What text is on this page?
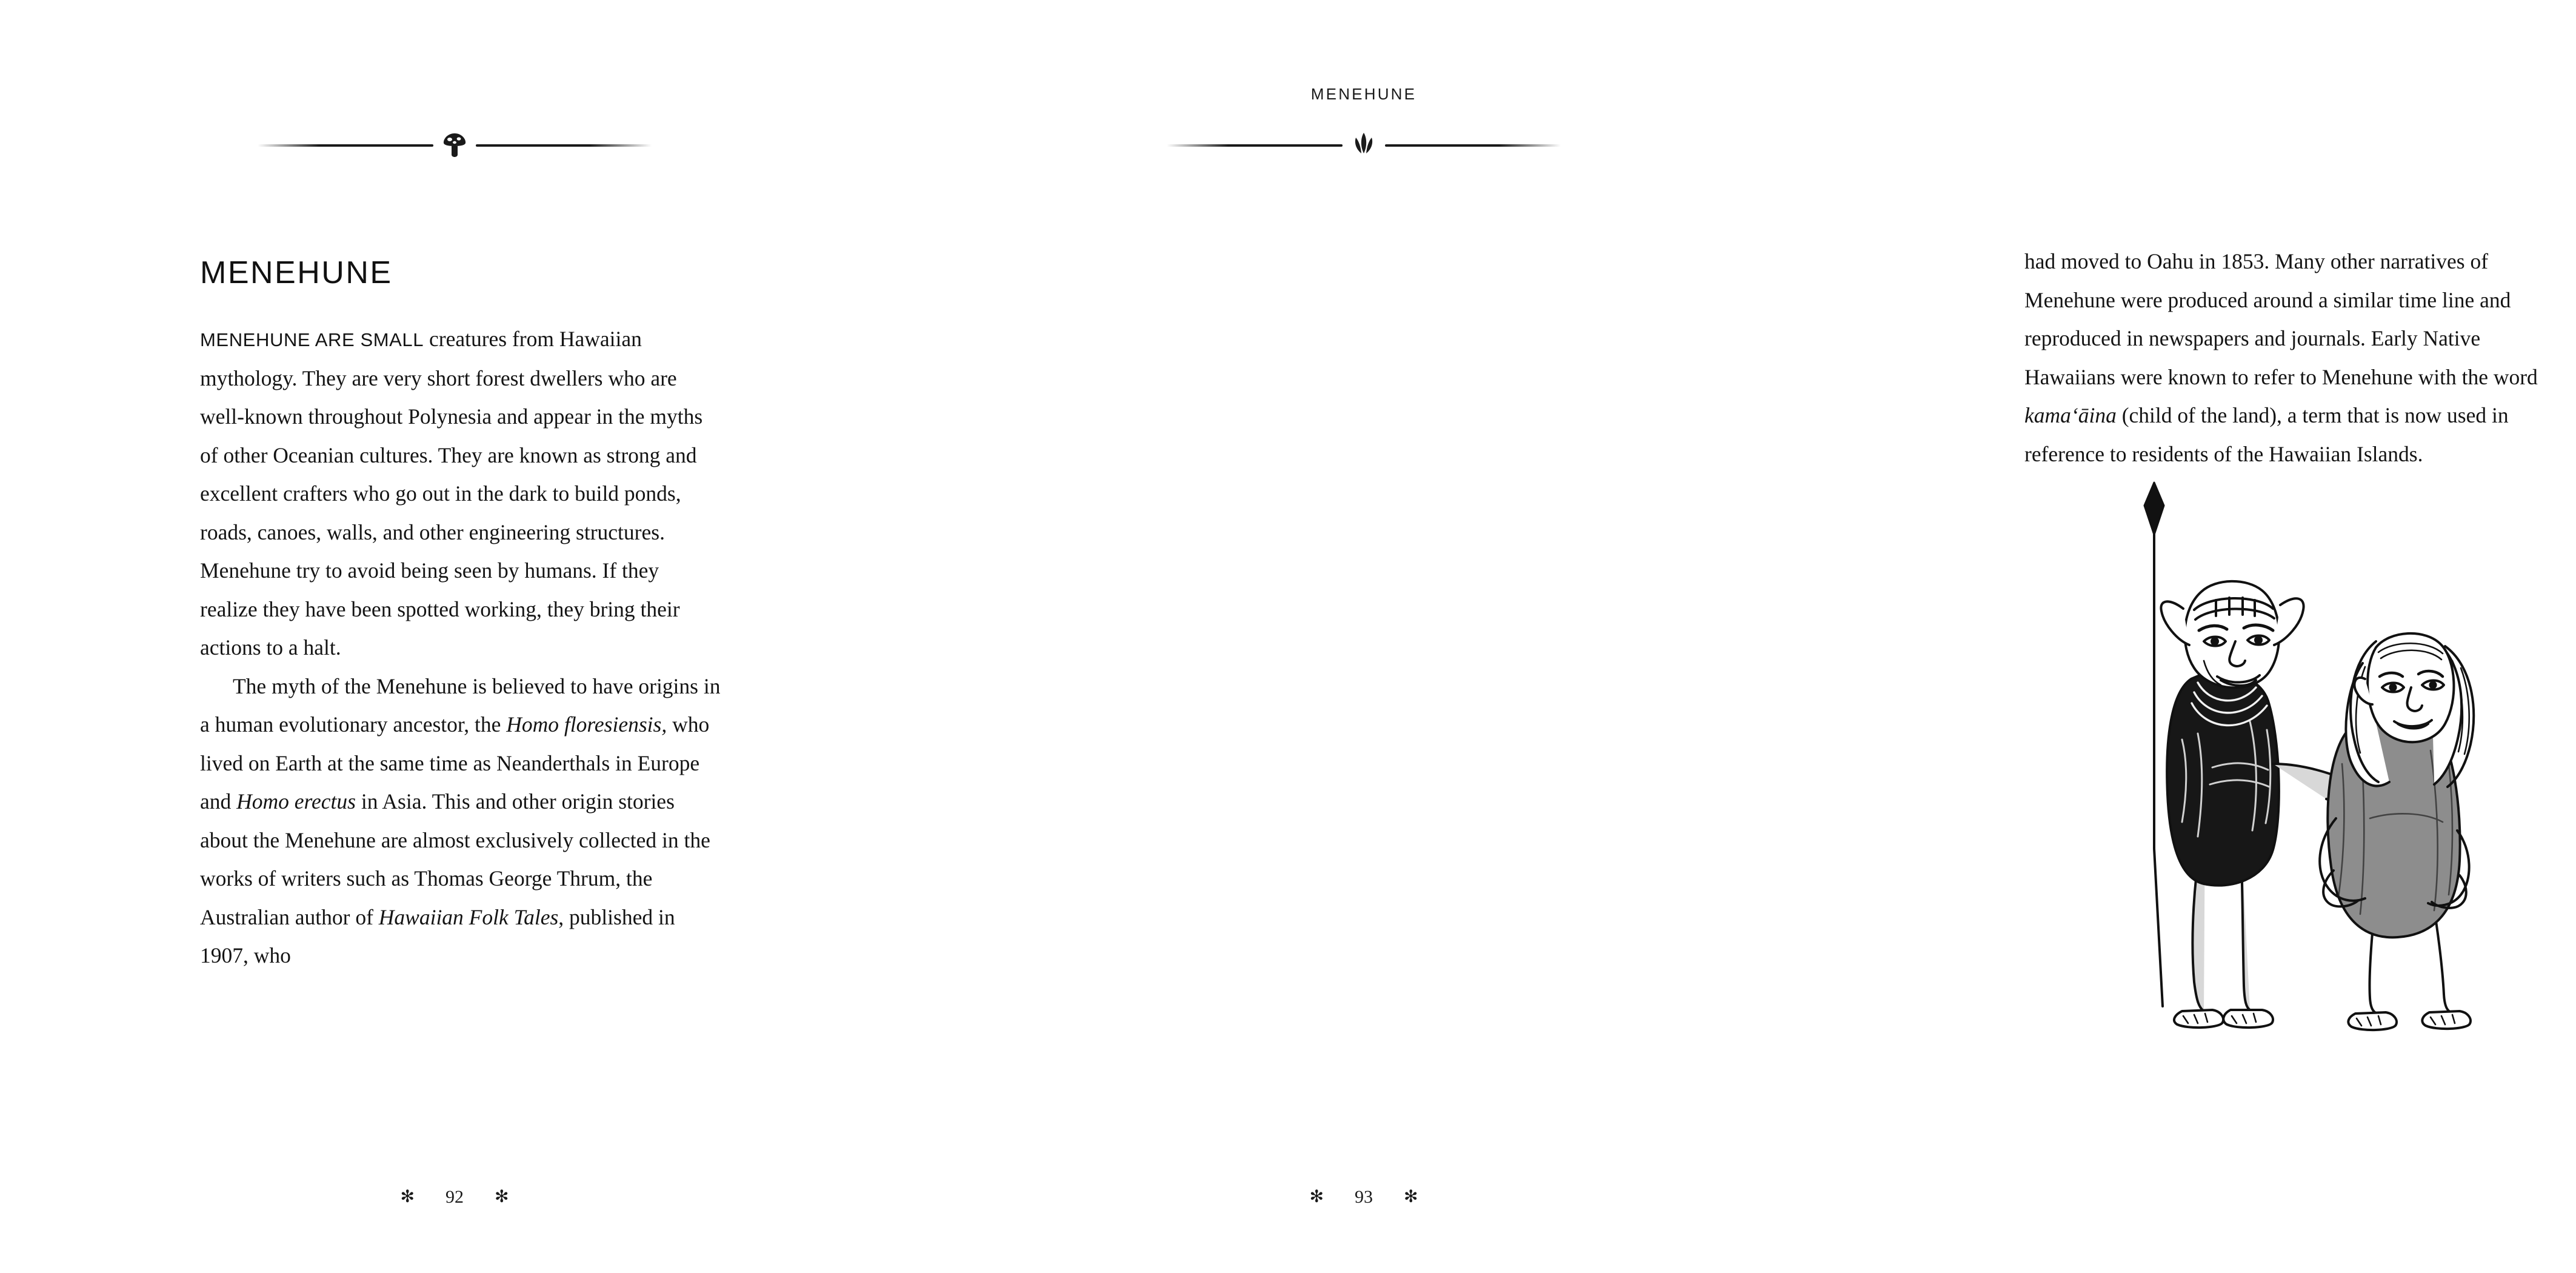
MENEHUNE

MENEHUNE ARE SMALL creatures from Hawaiian mythology. They are very short forest dwellers who are well-known throughout Polynesia and appear in the myths of other Oceanian cultures. They are known as strong and excellent crafters who go out in the dark to build ponds, roads, canoes, walls, and other engineering structures. Menehune try to avoid being seen by humans. If they realize they have been spotted working, they bring their actions to a halt.

The myth of the Menehune is believed to have origins in a human evolutionary ancestor, the Homo floresiensis, who lived on Earth at the same time as Neanderthals in Europe and Homo erectus in Asia. This and other origin stories about the Menehune are almost exclusively collected in the works of writers such as Thomas George Thrum, the Australian author of Hawaiian Folk Tales, published in 1907, who

✻ 92 ✻
MENEHUNE

had moved to Oahu in 1853. Many other narratives of Menehune were produced around a similar time line and reproduced in newspapers and journals. Early Native Hawaiians were known to refer to Menehune with the word kamaʻāina (child of the land), a term that is now used in reference to residents of the Hawaiian Islands.

✻ 93 ✻
